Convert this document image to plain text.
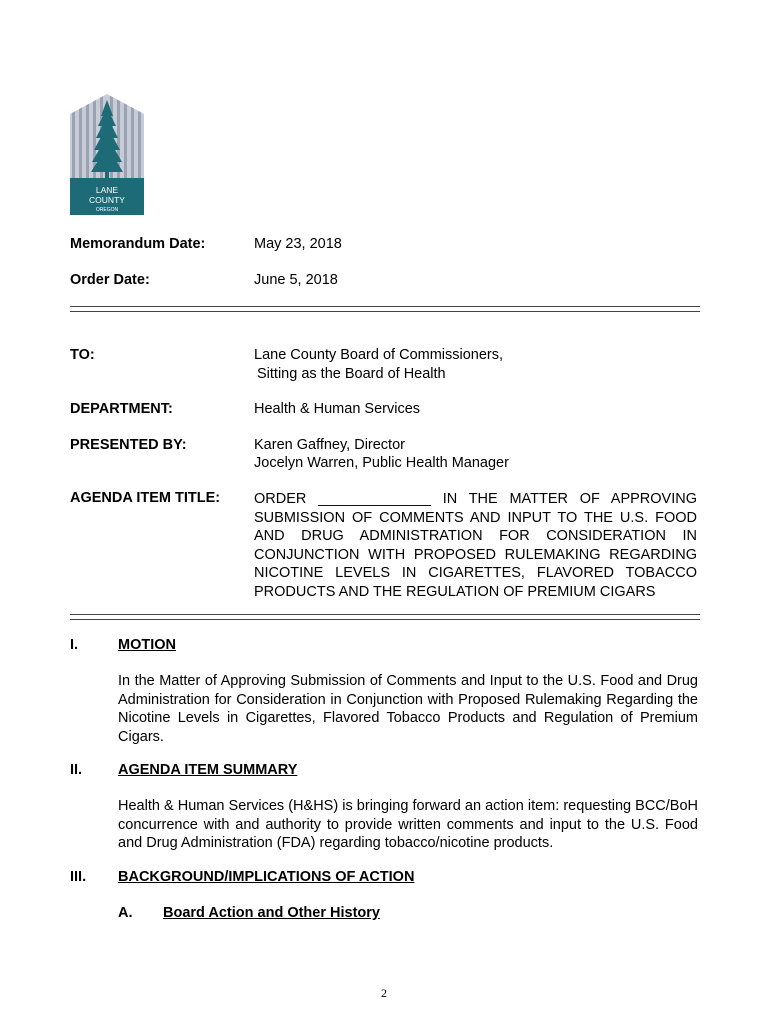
LANE
COUNTY
OREGON
Memorandum Date:	May 23, 2018
Order Date:	June 5, 2018
TO:	Lane County Board of Commissioners,
Sitting as the Board of Health
DEPARTMENT:	Health & Human Services
PRESENTED BY:	Karen Gaffney, Director
Jocelyn Warren, Public Health Manager
AGENDA ITEM TITLE: ORDER ______________ IN THE MATTER OF APPROVING
SUBMISSION OF COMMENTS AND INPUT TO THE U.S. FOOD
AND DRUG ADMINISTRATION FOR CONSIDERATION IN
CONJUNCTION WITH PROPOSED RULEMAKING REGARDING
NICOTINE LEVELS IN CIGARETTES, FLAVORED TOBACCO
PRODUCTS AND THE REGULATION OF PREMIUM CIGARS
I.	MOTION

In the Matter of Approving Submission of Comments and Input to the U.S. Food and Drug Administration for Consideration in Conjunction with Proposed Rulemaking Regarding the Nicotine Levels in Cigarettes, Flavored Tobacco Products and Regulation of Premium Cigars.

II. AGENDA ITEM SUMMARY

Health & Human Services (H&HS) is bringing forward an action item: requesting BCC/BoH concurrence with and authority to provide written comments and input to the U.S. Food and Drug Administration (FDA) regarding tobacco/nicotine products.

III. BACKGROUND/IMPLICATIONS OF ACTION
A. Board Action and Other History
2
